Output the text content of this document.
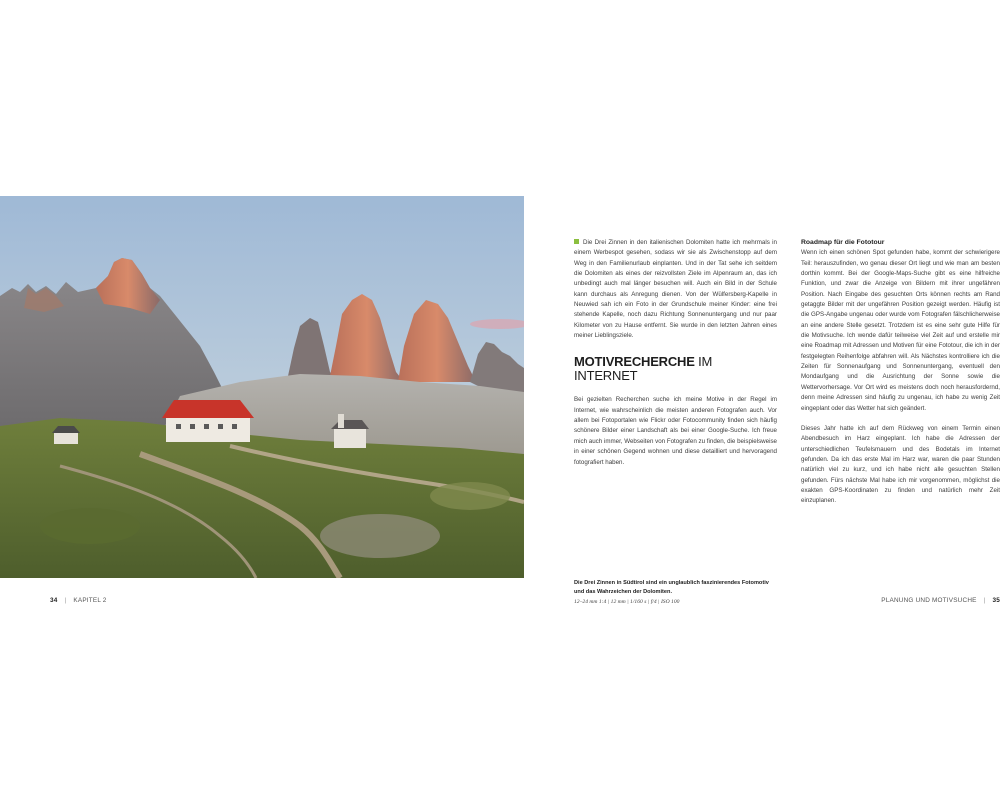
Die Drei Zinnen in den italienischen Dolomiten hatte ich mehrmals in einem Werbespot gesehen, sodass wir sie als Zwischenstopp auf dem Weg in den Familienurlaub einplanten. Und in der Tat sehe ich seitdem die Dolomiten als eines der reizvollsten Ziele im Alpenraum an, das ich unbedingt auch mal länger besuchen will. Auch ein Bild in der Schule kann durchaus als Anregung dienen. Von der Wülfersberg-Kapelle in Neuwied sah ich ein Foto in der Grundschule meiner Kinder: eine frei stehende Kapelle, noch dazu Richtung Sonnenuntergang und nur paar Kilometer von zu Hause entfernt. Sie wurde in den letzten Jahren eines meiner Lieblingsziele.

MOTIVRECHERCHE IM INTERNET

Bei gezielten Recherchen suche ich meine Motive in der Regel im Internet, wie wahrscheinlich die meisten anderen Fotografen auch. Vor allem bei Fotoportalen wie Flickr oder Fotocommunity finden sich häufig schönere Bilder einer Landschaft als bei einer Google-Suche. Ich freue mich auch immer, Webseiten von Fotografen zu finden, die beispielsweise in einer schönen Gegend wohnen und diese detailliert und hervoragend fotografiert haben.

Roadmap für die Fototour

Wenn ich einen schönen Spot gefunden habe, kommt der schwierigere Teil: herauszufinden, wo genau dieser Ort liegt und wie man am besten dorthin kommt. Bei der Google-Maps-Suche gibt es eine hilfreiche Funktion, und zwar die Anzeige von Bildern mit ihrer ungefähren Position. Nach Eingabe des gesuchten Orts können rechts am Rand getaggte Bilder mit der ungefähren Position gezeigt werden. Häufig ist die GPS-Angabe ungenau oder wurde vom Fotografen fälschlicherweise an eine andere Stelle gesetzt. Trotzdem ist es eine sehr gute Hilfe für die Motivsuche. Ich wende dafür teilweise viel Zeit auf und erstelle mir eine Roadmap mit Adressen und Motiven für eine Fototour, die ich in der festgelegten Reihenfolge abfahren will. Als Nächstes kontrolliere ich die Zeiten für Sonnenaufgang und Sonnenuntergang, eventuell den Mondaufgang und die Ausrichtung der Sonne sowie die Wettervorhersage. Vor Ort wird es meistens doch noch herausfordernd, denn meine Adressen sind häufig zu ungenau, ich habe zu wenig Zeit eingeplant oder das Wetter hat sich geändert.

Dieses Jahr hatte ich auf dem Rückweg von einem Termin einen Abendbesuch im Harz eingeplant. Ich habe die Adressen der unterschiedlichen Teufelsmauern und des Bodetals im Internet gefunden. Da ich das erste Mal im Harz war, waren die paar Stunden natürlich viel zu kurz, und ich habe nicht alle gesuchten Stellen gefunden. Fürs nächste Mal habe ich mir vorgenommen, möglichst die exakten GPS-Koordinaten zu finden und natürlich mehr Zeit einzuplanen.

Die Drei Zinnen in Südtirol sind ein unglaublich faszinierendes Fotomotiv und das Wahrzeichen der Dolomiten.
12–24 mm 1:4 | 12 mm | 1/160 s | f/4 | ISO 100
34 | KAPITEL 2	PLANUNG UND MOTIVSUCHE | 35
